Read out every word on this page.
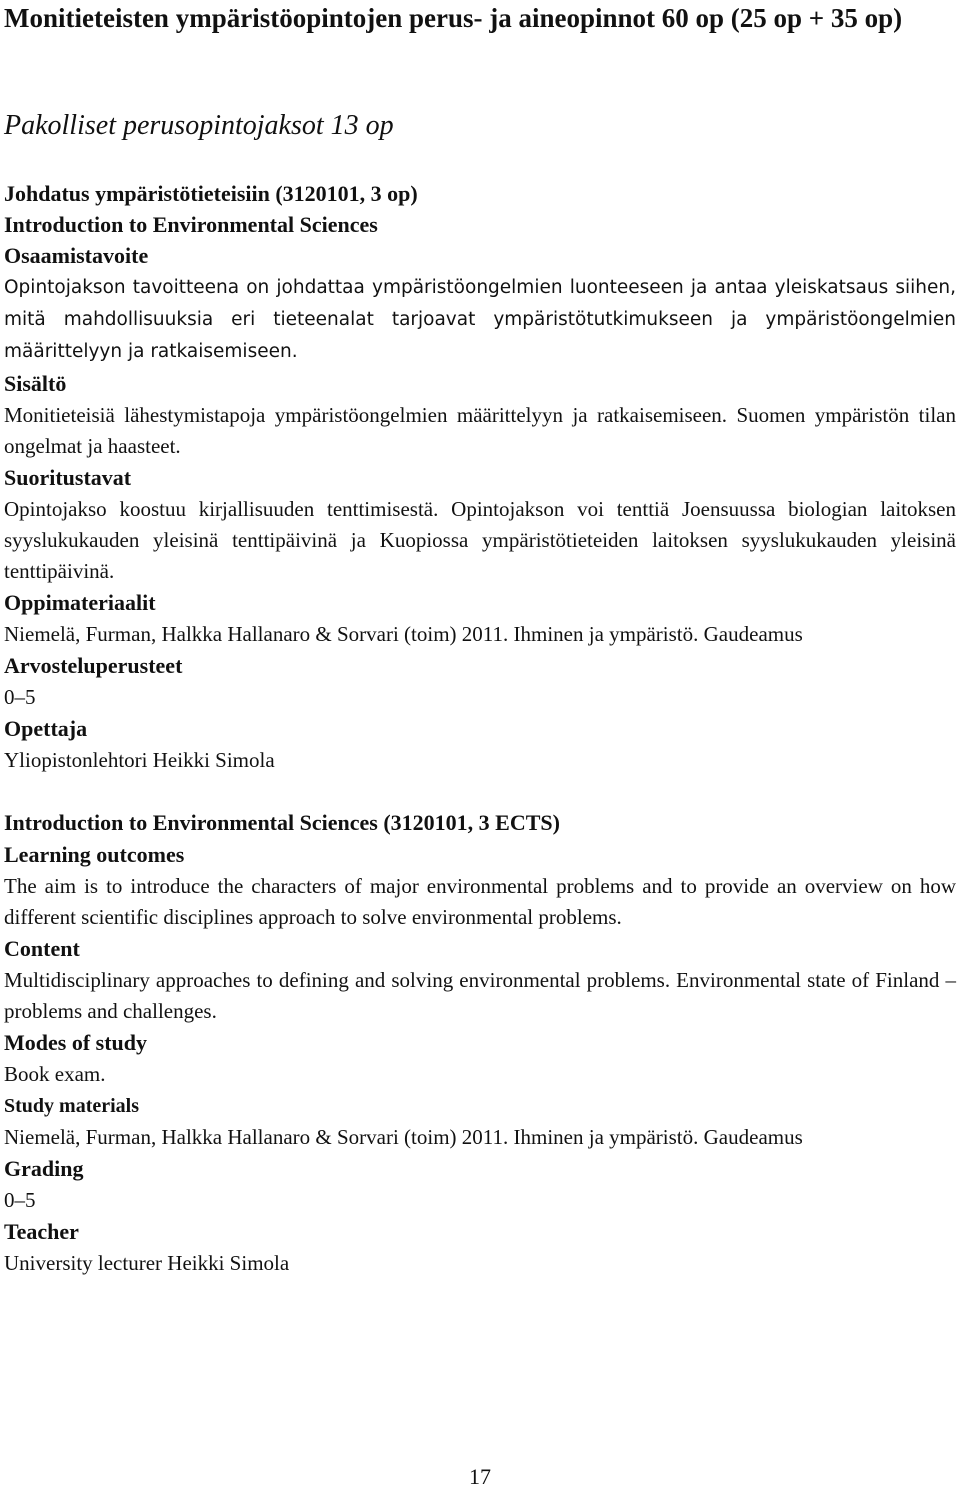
Monitieteisten ympäristöopintojen perus- ja aineopinnot 60 op (25 op + 35 op)
Pakolliset perusopintojaksot 13 op

Johdatus ympäristötieteisiin (3120101, 3 op)

Introduction to Environmental Sciences

Osaamistavoite

Opintojakson tavoitteena on johdattaa ympäristöongelmien luonteeseen ja antaa yleiskatsaus siihen, mitä mahdollisuuksia eri tieteenalat tarjoavat ympäristötutkimukseen ja ympäristöongelmien määrittelyyn ja ratkaisemiseen.

Sisältö

Monitieteisiä lähestymistapoja ympäristöongelmien määrittelyyn ja ratkaisemiseen. Suomen ympäristön tilan ongelmat ja haasteet.

Suoritustavat

Opintojakso koostuu kirjallisuuden tenttimisestä. Opintojakson voi tenttiä Joensuussa biologian laitoksen syyslukukauden yleisinä tenttipäivinä ja Kuopiossa ympäristötieteiden laitoksen syyslukukauden yleisinä tenttipäivinä.

Oppimateriaalit

Niemelä, Furman, Halkka Hallanaro & Sorvari (toim) 2011. Ihminen ja ympäristö. Gaudeamus

Arvosteluperusteet

0–5

Opettaja

Yliopistonlehtori Heikki Simola

Introduction to Environmental Sciences (3120101, 3 ECTS)

Learning outcomes

The aim is to introduce the characters of major environmental problems and to provide an overview on how different scientific disciplines approach to solve environmental problems.

Content

Multidisciplinary approaches to defining and solving environmental problems. Environmental state of Finland – problems and challenges.

Modes of study

Book exam.

Study materials

Niemelä, Furman, Halkka Hallanaro & Sorvari (toim) 2011. Ihminen ja ympäristö. Gaudeamus

Grading

0–5

Teacher

University lecturer Heikki Simola

17
